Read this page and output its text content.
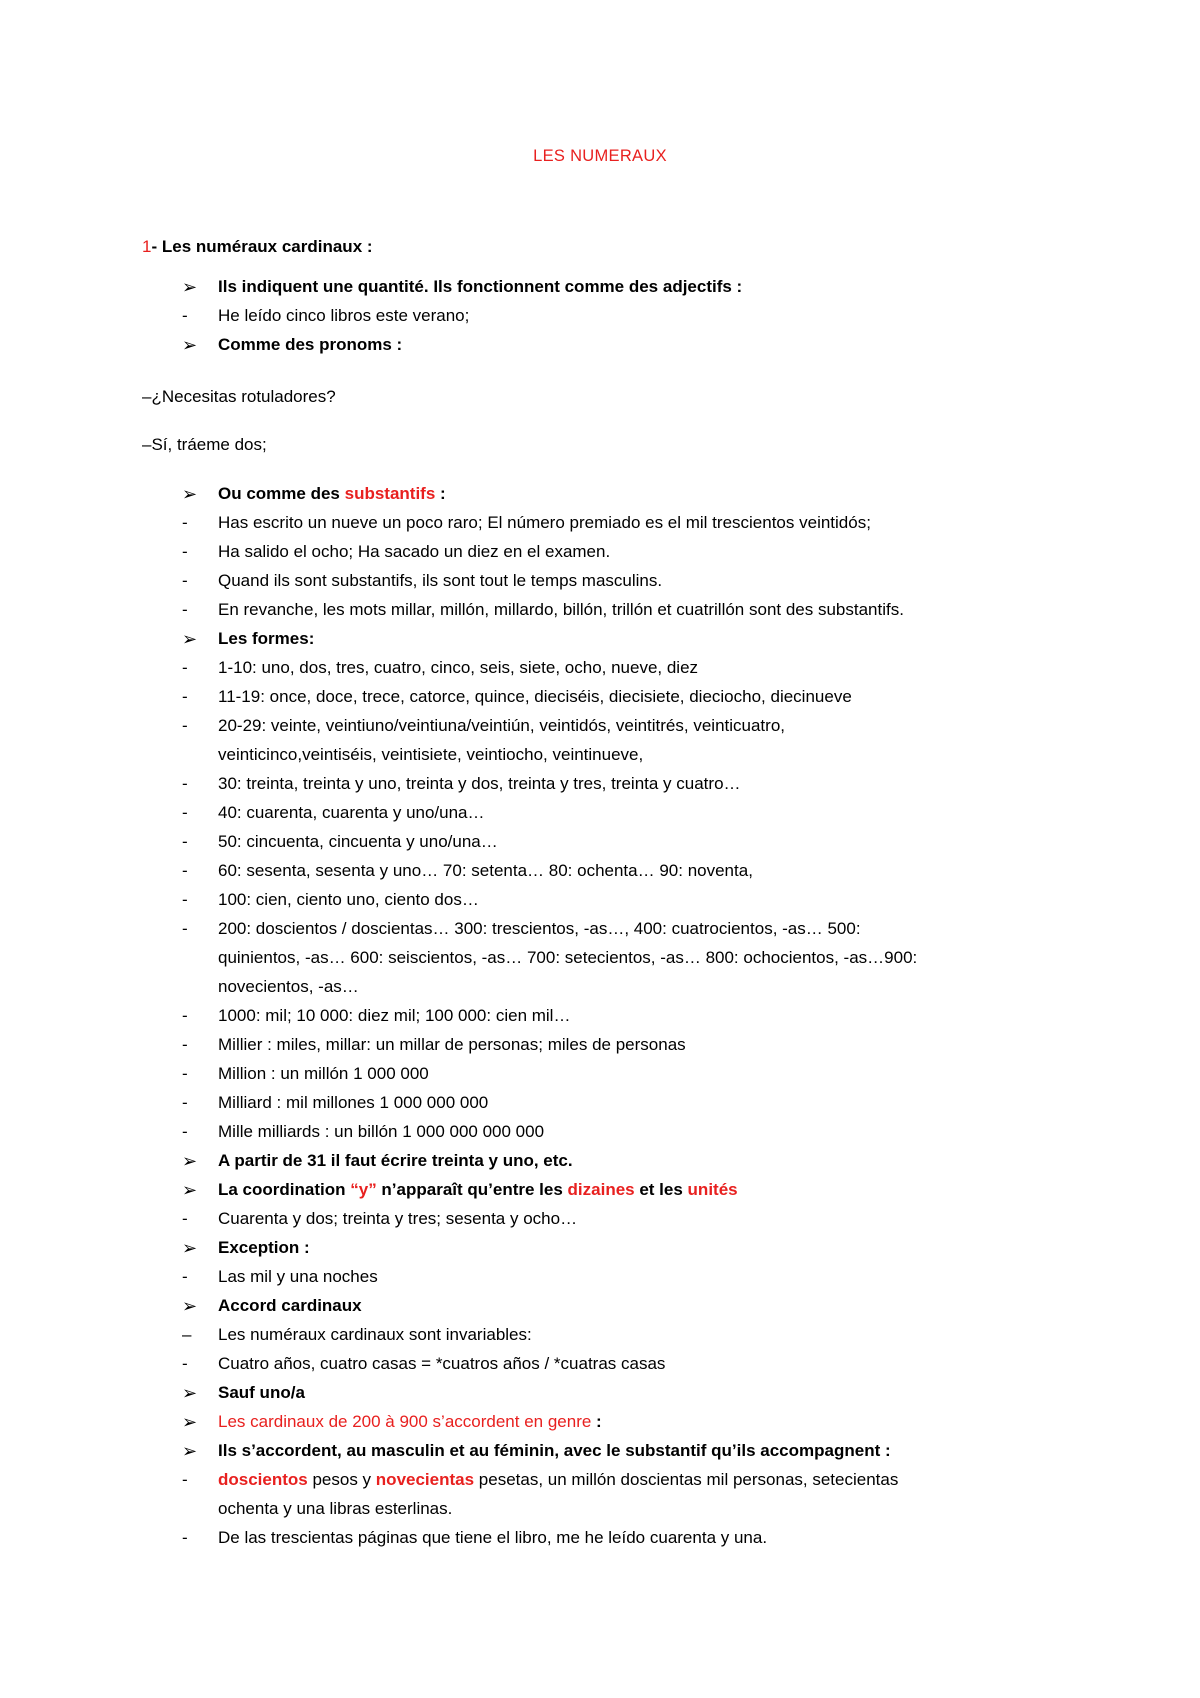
LES NUMERAUX
1- Les numéraux cardinaux :
➢ Ils indiquent une quantité. Ils fonctionnent comme des adjectifs :
-	He leído cinco libros este verano;
➢ Comme des pronoms :
–¿Necesitas rotuladores?
–Sí, tráeme dos;
➢ Ou comme des substantifs :
-	Has escrito un nueve un poco raro; El número premiado es el mil trescientos veintidós;
-	Ha salido el ocho; Ha sacado un diez en el examen.
-	Quand ils sont substantifs, ils sont tout le temps masculins.
-	En revanche, les mots millar, millón, millardo, billón, trillón et cuatrillón sont des substantifs.
➢ Les formes:
-	1-10: uno, dos, tres, cuatro, cinco, seis, siete, ocho, nueve, diez
-	11-19: once, doce, trece, catorce, quince, dieciséis, diecisiete, dieciocho, diecinueve
-	20-29: veinte, veintiuno/veintiuna/veintiún, veintidós, veintitrés, veinticuatro,
veinticinco,veintiséis, veintisiete, veintiocho, veintinueve,
-	30: treinta, treinta y uno, treinta y dos, treinta y tres, treinta y cuatro…
-	40: cuarenta, cuarenta y uno/una…
-	50: cincuenta, cincuenta y uno/una…
-	60: sesenta, sesenta y uno… 70: setenta… 80: ochenta… 90: noventa,
-	100: cien, ciento uno, ciento dos…
-	200: doscientos / doscientas… 300: trescientos, -as…, 400: cuatrocientos, -as… 500:
quinientos, -as… 600: seiscientos, -as… 700: setecientos, -as… 800: ochocientos, -as…900:
novecientos, -as…
-	1000: mil; 10 000: diez mil; 100 000: cien mil…
-	Millier : miles, millar: un millar de personas; miles de personas
-	Million : un millón 1 000 000
-	Milliard : mil millones 1 000 000 000
-	Mille milliards : un billón 1 000 000 000 000
➢ A partir de 31 il faut écrire treinta y uno, etc.
➢ La coordination “y” n’apparaît qu’entre les dizaines et les unités
-	Cuarenta y dos; treinta y tres; sesenta y ocho…
➢ Exception :
-	Las mil y una noches
➢ Accord cardinaux
–	Les numéraux cardinaux sont invariables:
-	Cuatro años, cuatro casas = *cuatros años / *cuatras casas
➢ Sauf uno/a
➢ Les cardinaux de 200 à 900 s’accordent en genre :
➢ Ils s’accordent, au masculin et au féminin, avec le substantif qu’ils accompagnent :
-	doscientos pesos y novecientas pesetas, un millón doscientas mil personas, setecientas
ochenta y una libras esterlinas.
-	De las trescientas páginas que tiene el libro, me he leído cuarenta y una.
